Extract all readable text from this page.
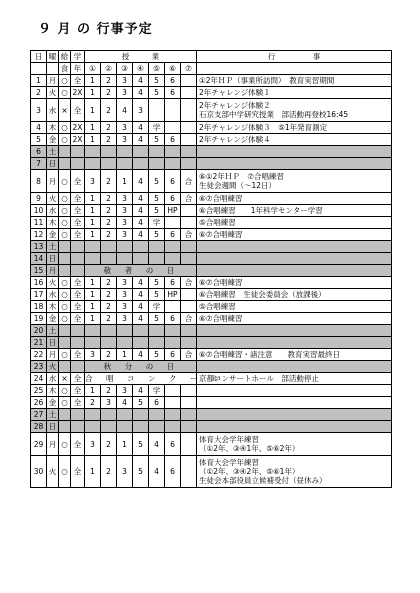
９ 月 の 行事予定
日	曜	給	学	授　　　業							行　　　　　事
		食	年	①	②	③	④	⑤	⑥	⑦	
1	月	○	全	1	2	3	4	5	6		①2年ＨＰ（事業所訪問）　教育実習期間

2	火	○	2X	1	2	3	4	5	6		2年チャレンジ体験１

3	水	×	全	1	2	4	3				2年チャレンジ体験２
石京支部中学研究授業　部活動再登校16:45

4	木	○	2X	1	2	3	4	学			2年チャレンジ体験３　⑤1年発育測定

5	金	○	2X	1	2	3	4	5	6		2年チャレンジ体験４

6	土										
7	日										
8	月	○	全	3	2	1	4	5	6	合	⑥①2年ＨＰ　⑦合唱練習
生徒会週間（～12日）

9	火	○	全	1	2	3	4	5	6	合	⑥⑦合唱練習

10	水	○	全	1	2	3	4	5	HP		⑥合唱練習　　1年科学センター学習

11	木	○	全	1	2	3	4	学			⑤合唱練習

12	金	○	全	1	2	3	4	5	6	合	⑥⑦合唱練習

13	土										
14	日										
15	月			敬　者　の　日							
16	火	○	全	1	2	3	4	5	6	合	⑥⑦合唱練習

17	水	○	全	1	2	3	4	5	HP		⑥合唱練習　生徒会委員会（放課後）

18	木	○	全	1	2	3	4	学			⑤合唱練習

19	金	○	全	1	2	3	4	5	6	合	⑥⑦合唱練習

20	土										
21	日										
22	月	○	全	3	2	1	4	5	6	合	⑥⑦合唱練習・諸注意　　教育実習最終日

23	火			秋　分　の　日							
24	水	×	全	合　唱　コ　ン　ク　ー　ル							京都コンサートホール　部活動停止

25	木	○	全	1	2	3	4	学			

26	金	○	全	2	3	4	5	6			

27	土										
28	日										
29	月	○	全	3	2	1	5	4	6		体育大会学年練習
（①2年、③④1年、⑤⑥2年）

30	火	○	全	1	2	3	5	4	6		体育大会学年練習
（①2年、③④2年、⑤⑥1年）
生徒会本部役員立候補受付（昼休み）
